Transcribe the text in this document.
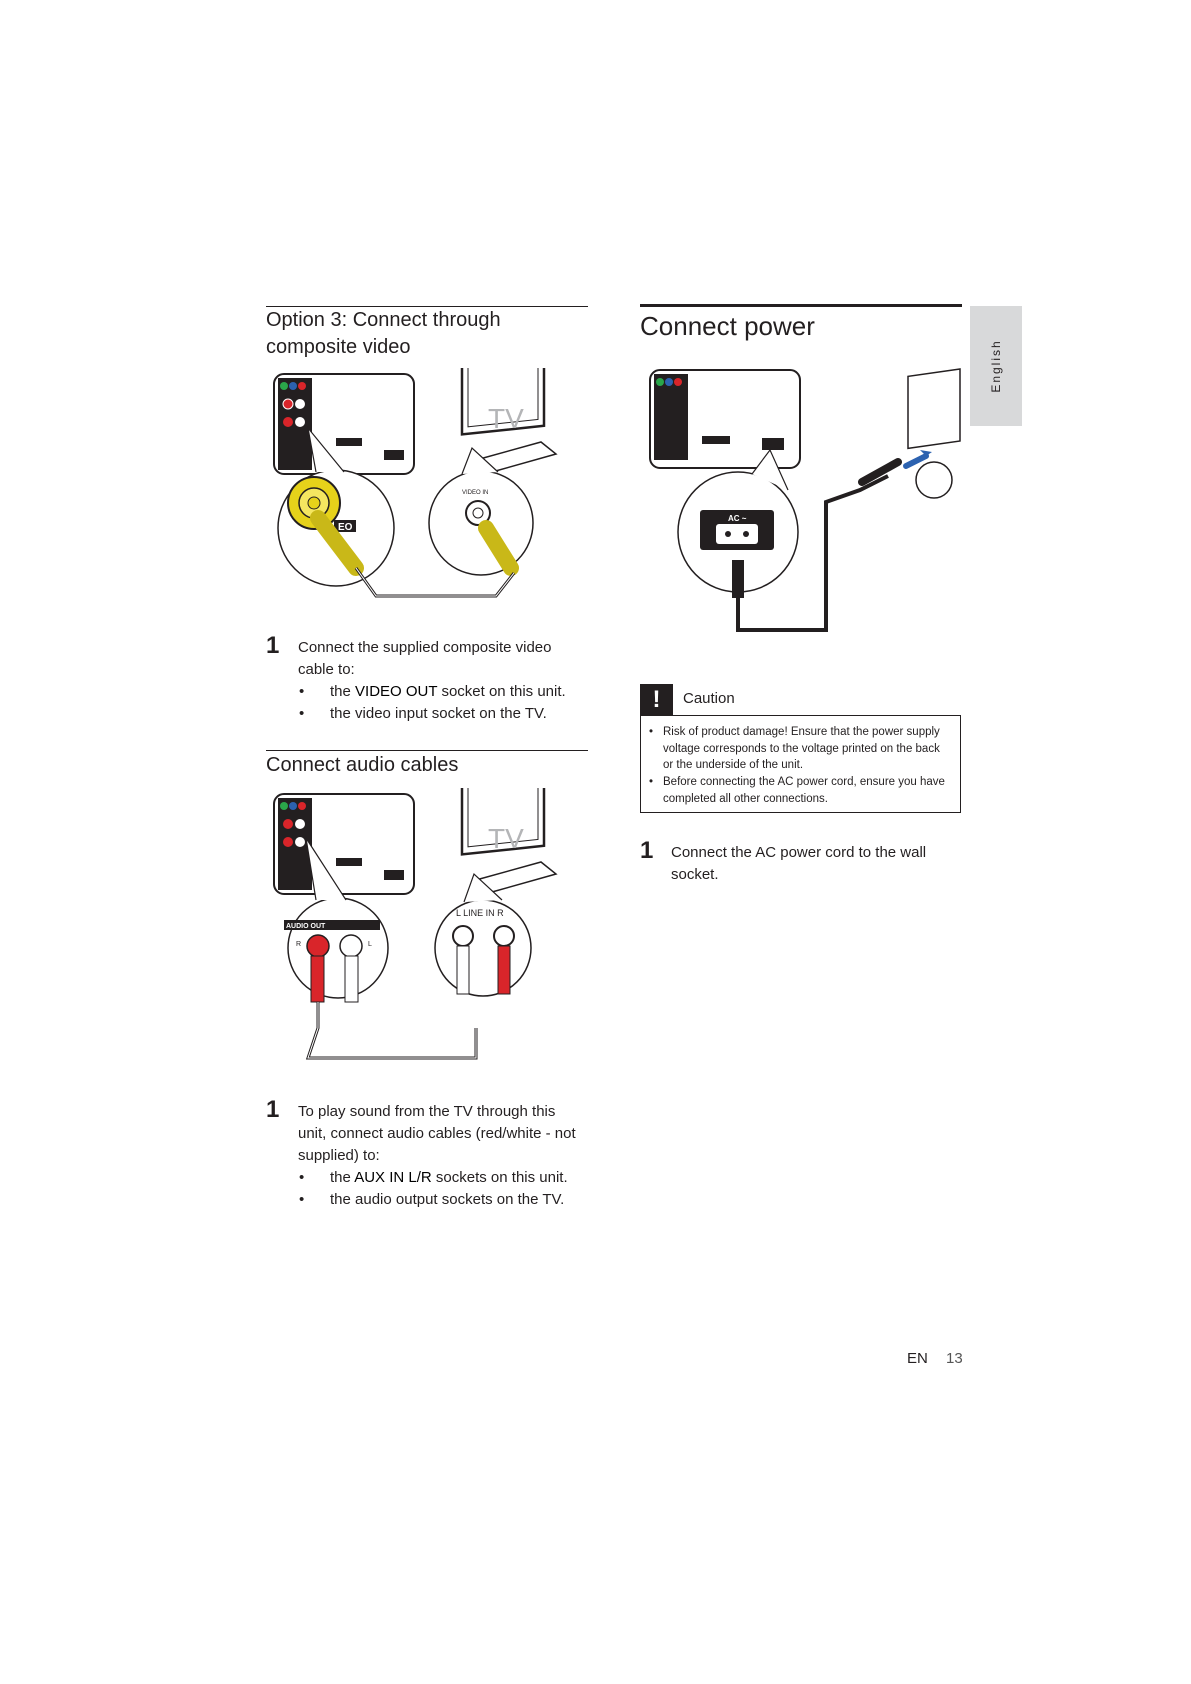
English

Option 3: Connect through

composite video

EO
TV
VIDEO IN
1 Connect the supplied composite video
cable to:
• the VIDEO OUT socket on this unit.
• the video input socket on the TV.
Connect audio cables
AUDIO OUT
R	L
TV
L LINE IN R
1 To play sound from the TV through this
unit, connect audio cables (red/white - not
supplied) to:
• the AUX IN L/R sockets on this unit.
• the audio output sockets on the TV.
Connect power
AC ~
!	Caution
• Risk of product damage! Ensure that the power supply
voltage corresponds to the voltage printed on the back
or the underside of the unit.
• Before connecting the AC power cord, ensure you have
completed all other connections.
1 Connect the AC power cord to the wall
socket.
EN 13
